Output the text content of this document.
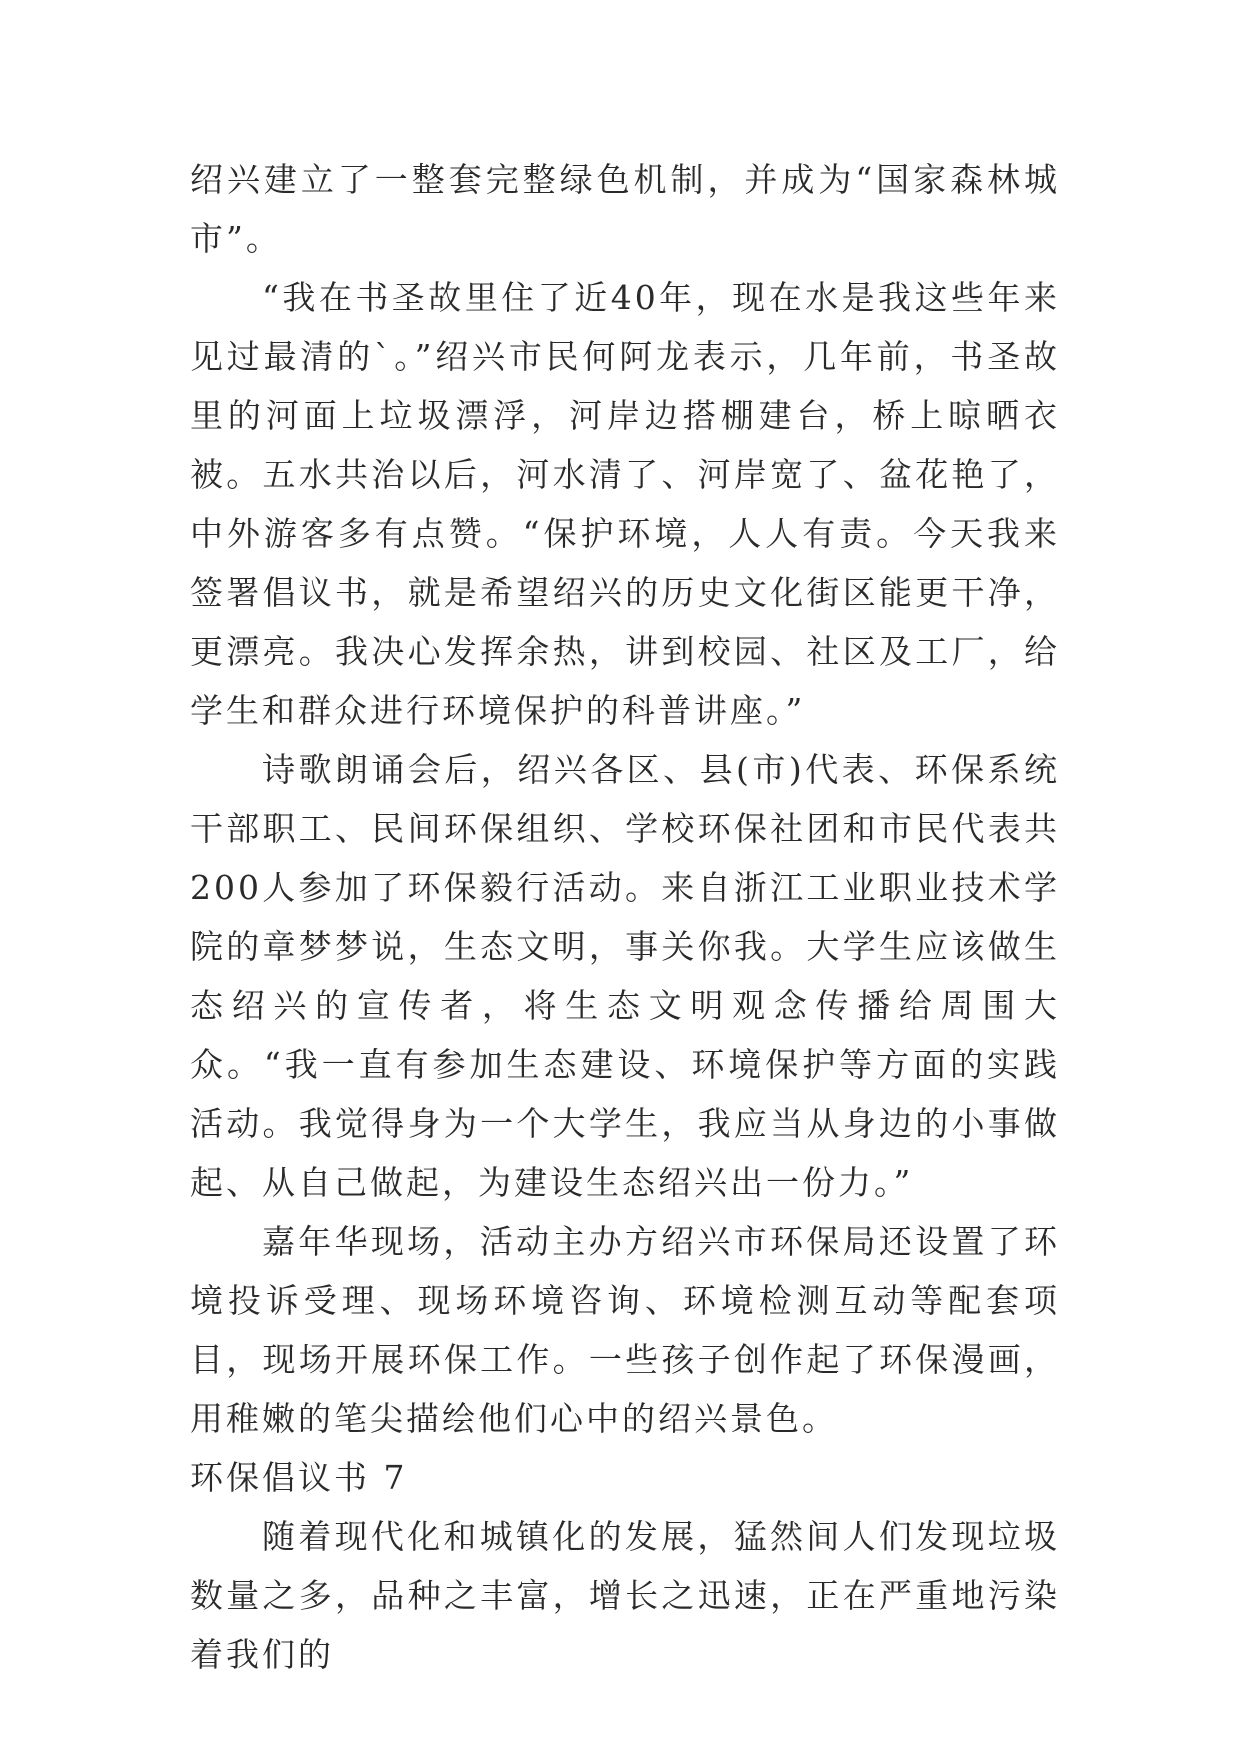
绍兴建立了一整套完整绿色机制，并成为“国家森林城市”。

“我在书圣故里住了近40年，现在水是我这些年来见过最清的`。”绍兴市民何阿龙表示，几年前，书圣故里的河面上垃圾漂浮，河岸边搭棚建台，桥上晾晒衣被。五水共治以后，河水清了、河岸宽了、盆花艳了，中外游客多有点赞。“保护环境，人人有责。今天我来签署倡议书，就是希望绍兴的历史文化街区能更干净，更漂亮。我决心发挥余热，讲到校园、社区及工厂，给学生和群众进行环境保护的科普讲座。”

诗歌朗诵会后，绍兴各区、县(市)代表、环保系统干部职工、民间环保组织、学校环保社团和市民代表共200人参加了环保毅行活动。来自浙江工业职业技术学院的章梦梦说，生态文明，事关你我。大学生应该做生态绍兴的宣传者，将生态文明观念传播给周围大众。“我一直有参加生态建设、环境保护等方面的实践活动。我觉得身为一个大学生，我应当从身边的小事做起、从自己做起，为建设生态绍兴出一份力。”

嘉年华现场，活动主办方绍兴市环保局还设置了环境投诉受理、现场环境咨询、环境检测互动等配套项目，现场开展环保工作。一些孩子创作起了环保漫画，用稚嫩的笔尖描绘他们心中的绍兴景色。

环保倡议书 7

随着现代化和城镇化的发展，猛然间人们发现垃圾数量之多，品种之丰富，增长之迅速，正在严重地污染着我们的
